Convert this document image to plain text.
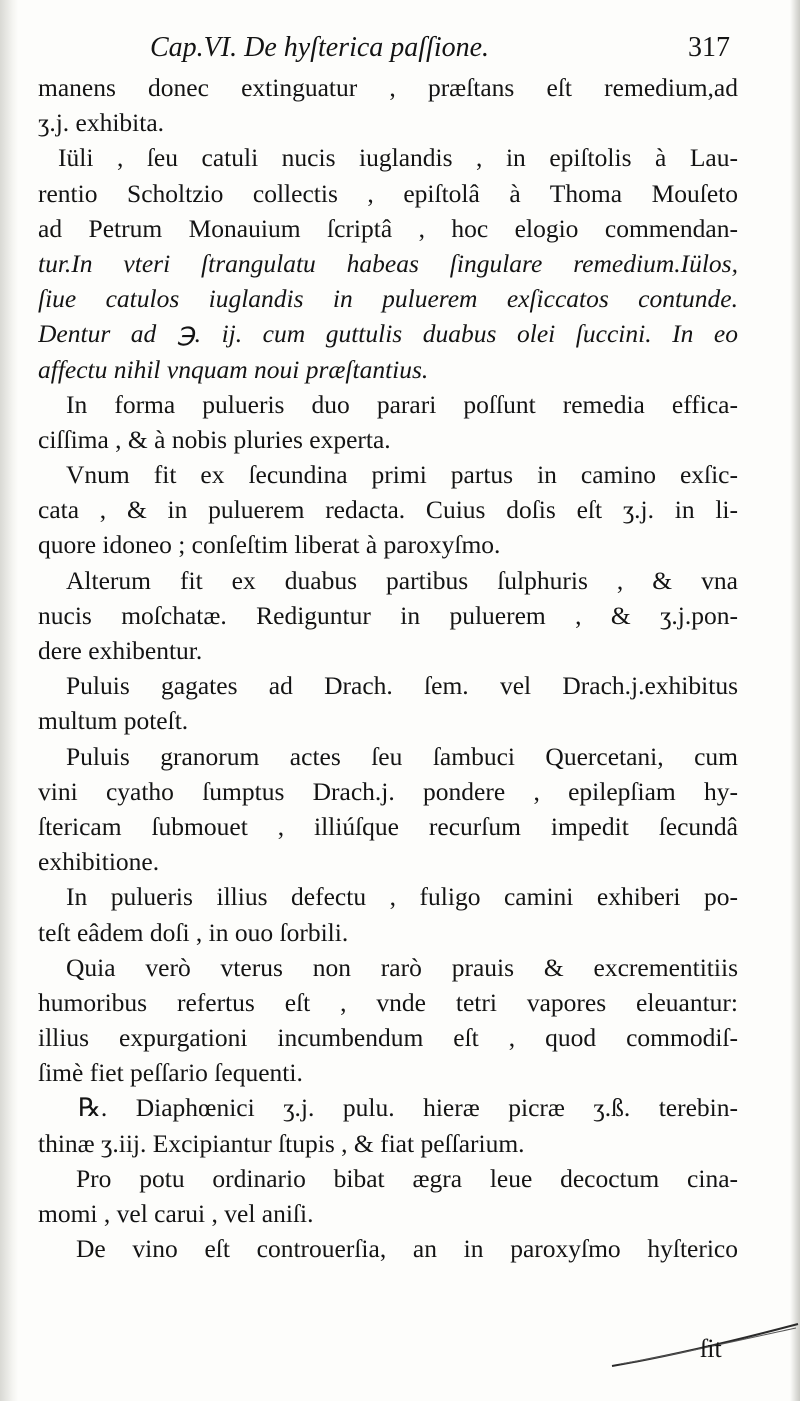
Cap.VI. De hyſterica paſſione.	317
manens donec extinguatur , præſtans eſt remedium,ad
ʒ.j. exhibita.
Iüli , ſeu catuli nucis iuglandis , in epiſtolis à Lau-
rentio Scholtzio collectis , epiſtolâ à Thoma Mouſeto
ad Petrum Monauium ſcriptâ , hoc elogio commendan-
tur.In vteri ſtrangulatu habeas ſingulare remedium.Iülos,
ſiue catulos iuglandis in puluerem exſiccatos contunde.
Dentur ad ℈. ij. cum guttulis duabus olei ſuccini. In eo
affectu nihil vnquam noui præſtantius.
In forma pulueris duo parari poſſunt remedia effica-
ciſſima , & à nobis pluries experta.
Vnum fit ex ſecundina primi partus in camino exſic-
cata , & in puluerem redacta. Cuius doſis eſt ʒ.j. in li-
quore idoneo ; conſeſtim liberat à paroxyſmo.
Alterum fit ex duabus partibus ſulphuris , & vna
nucis moſchatæ. Rediguntur in puluerem , & ʒ.j.pon-
dere exhibentur.
Puluis gagates ad Drach. ſem. vel Drach.j.exhibitus
multum poteſt.
Puluis granorum actes ſeu ſambuci Quercetani, cum
vini cyatho ſumptus Drach.j. pondere , epilepſiam hy-
ſtericam ſubmouet , illiúſque recurſum impedit ſecundâ
exhibitione.
In pulueris illius defectu , fuligo camini exhiberi po-
teſt eâdem doſi , in ouo ſorbili.
Quia verò vterus non rarò prauis & excrementitiis
humoribus refertus eſt , vnde tetri vapores eleuantur:
illius expurgationi incumbendum eſt , quod commodiſ-
ſimè fiet peſſario ſequenti.
℞. Diaphœnici ʒ.j. pulu. hieræ picræ ʒ.ß. terebin-
thinæ ʒ.iij. Excipiantur ſtupis , & fiat peſſarium.
Pro potu ordinario bibat ægra leue decoctum cina-
momi , vel carui , vel aniſi.
De vino eſt controuerſia, an in paroxyſmo hyſterico
ſit
